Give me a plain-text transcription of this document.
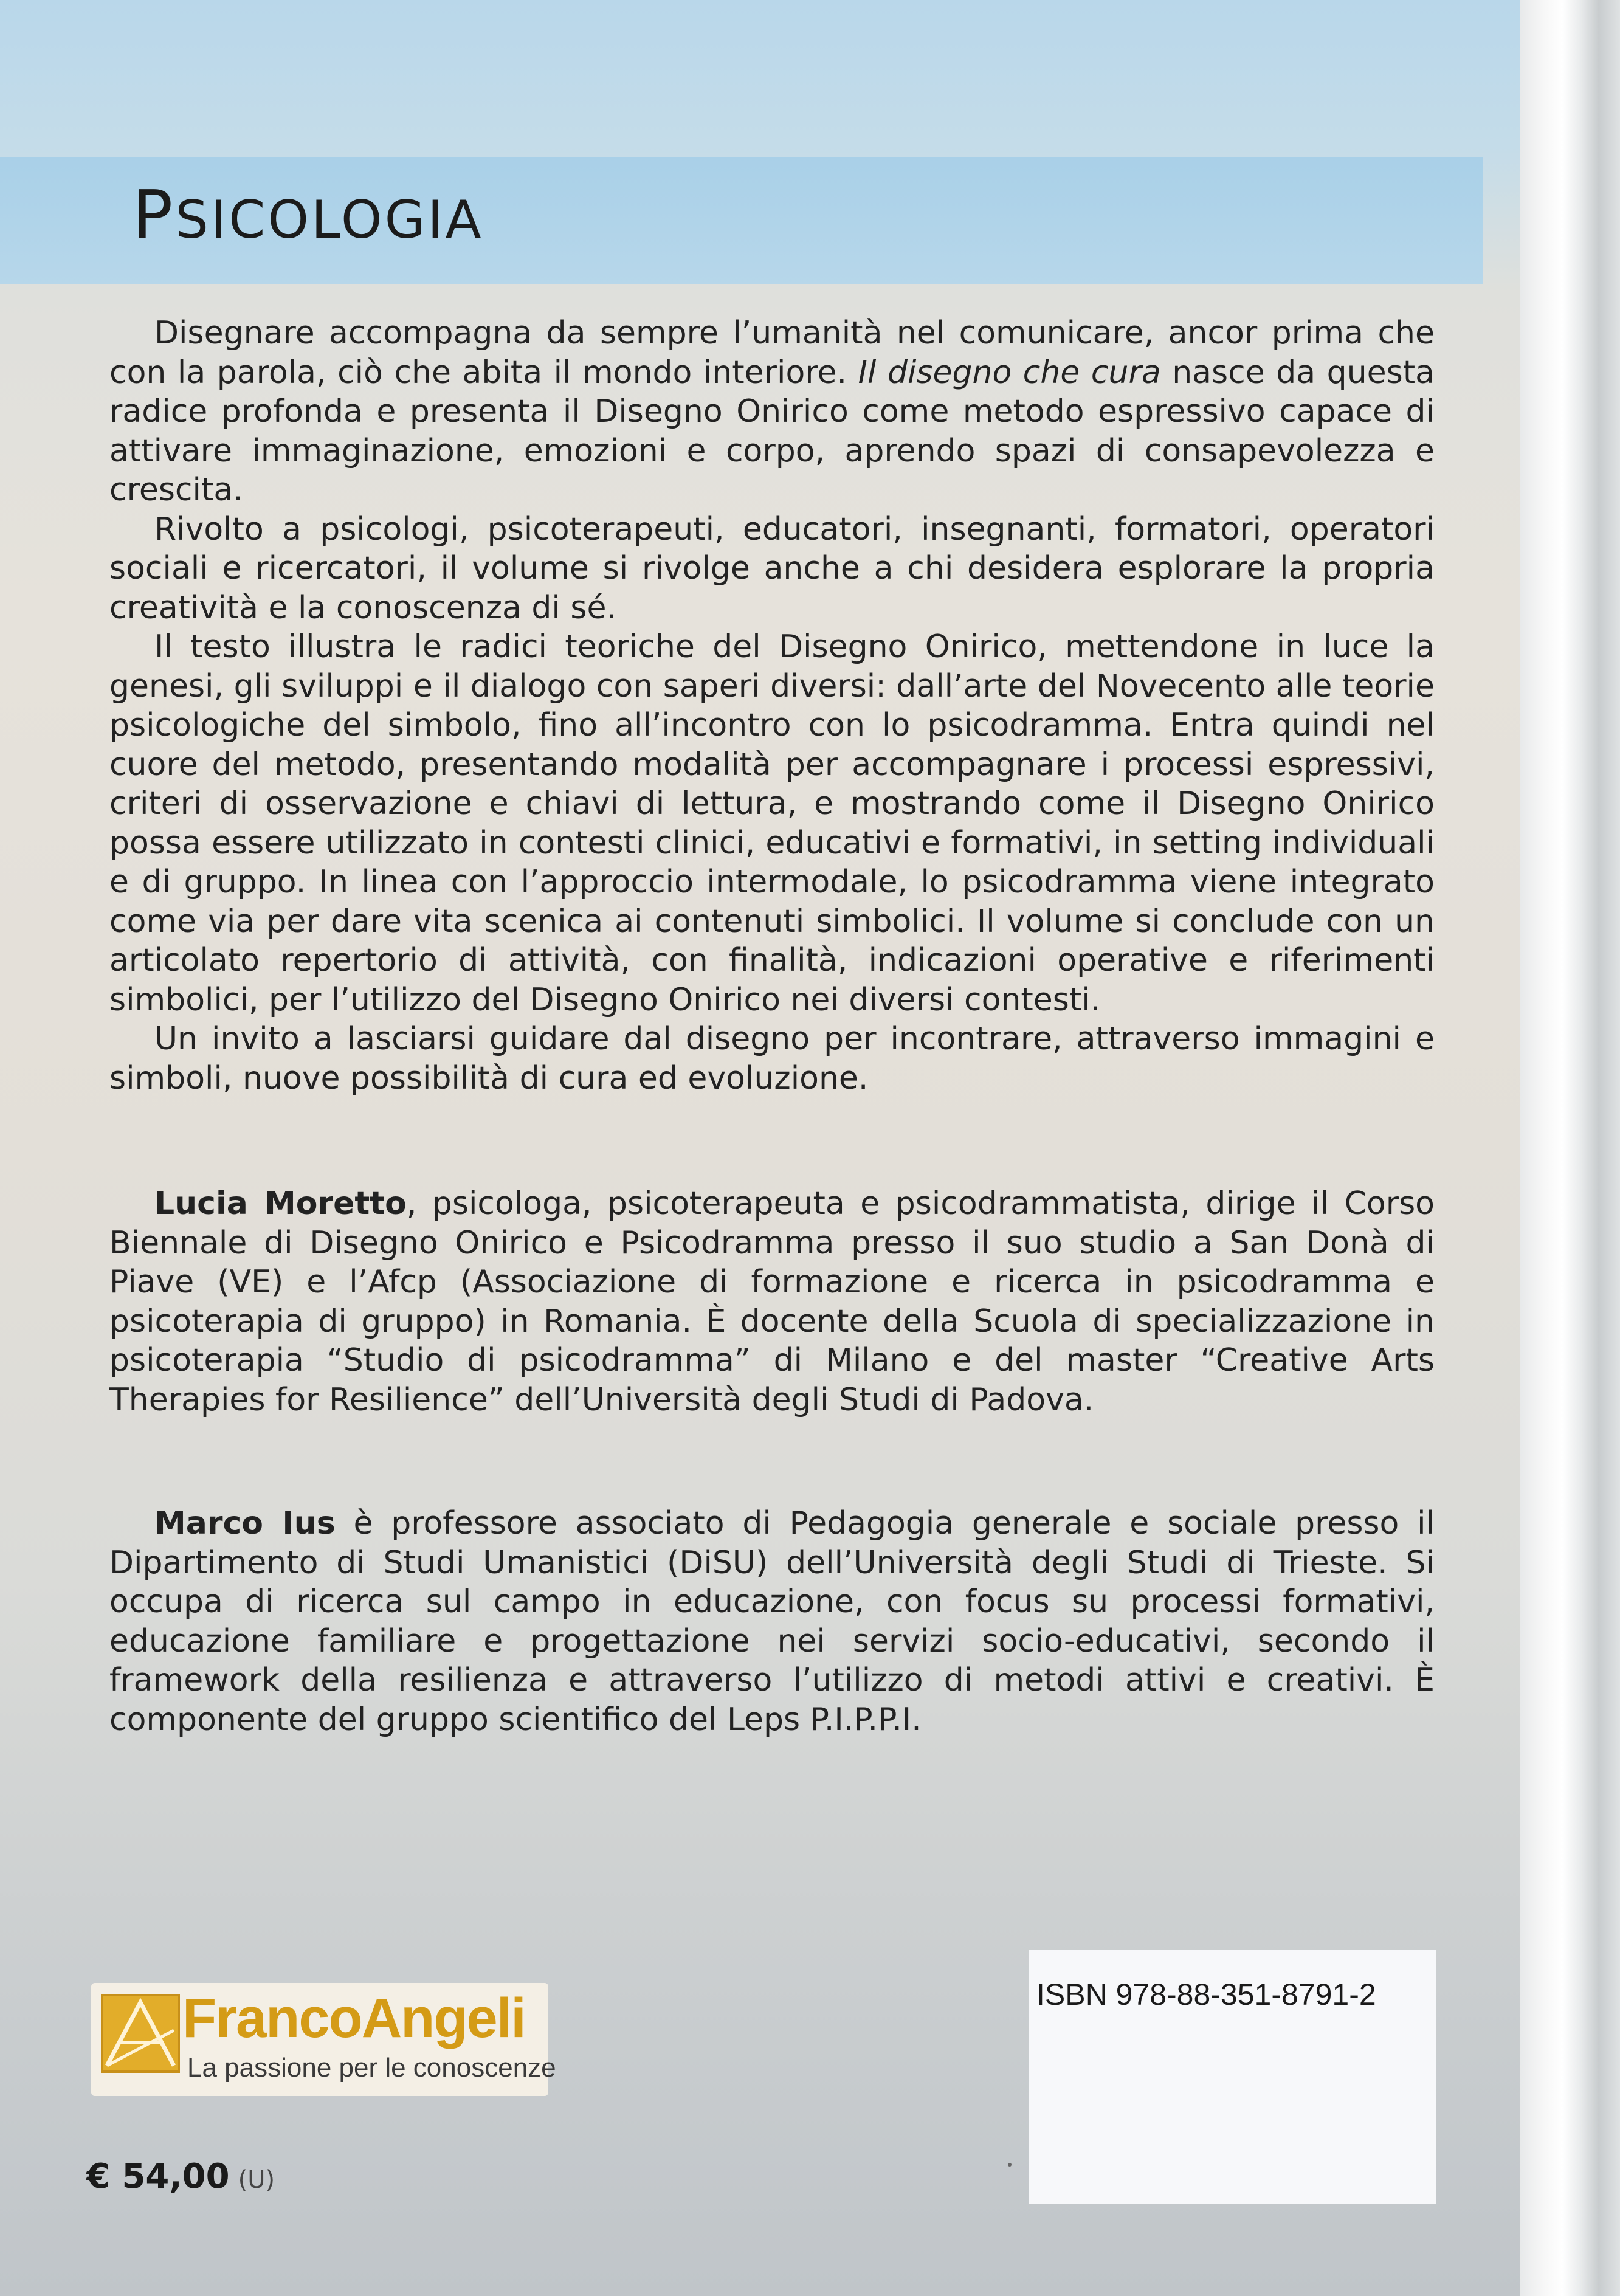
PSICOLOGIA

Disegnare accompagna da sempre l’umanità nel comunicare, ancor prima che con la parola, ciò che abita il mondo interiore. Il disegno che cura nasce da questa radice profonda e presenta il Disegno Onirico come metodo espressivo capace di attivare immaginazione, emozioni e corpo, aprendo spazi di consapevolezza e crescita.

Rivolto a psicologi, psicoterapeuti, educatori, insegnanti, formatori, operatori sociali e ricercatori, il volume si rivolge anche a chi desidera esplorare la propria creatività e la conoscenza di sé.

Il testo illustra le radici teoriche del Disegno Onirico, mettendone in luce la genesi, gli sviluppi e il dialogo con saperi diversi: dall’arte del Novecento alle teorie psicologiche del simbolo, fino all’incontro con lo psicodramma. Entra quindi nel cuore del metodo, presentando modalità per accompagnare i processi espressivi, criteri di osservazione e chiavi di lettura, e mostrando come il Disegno Onirico possa essere utilizzato in contesti clinici, educativi e formativi, in setting individuali e di gruppo. In linea con l’approccio intermodale, lo psicodramma viene integrato come via per dare vita scenica ai contenuti simbolici. Il volume si conclude con un articolato repertorio di attività, con finalità, indicazioni operative e riferimenti simbolici, per l’utilizzo del Disegno Onirico nei diversi contesti.

Un invito a lasciarsi guidare dal disegno per incontrare, attraverso immagini e simboli, nuove possibilità di cura ed evoluzione.

Lucia Moretto, psicologa, psicoterapeuta e psicodrammatista, dirige il Corso Biennale di Disegno Onirico e Psicodramma presso il suo studio a San Donà di Piave (VE) e l’Afcp (Associazione di formazione e ricerca in psicodramma e psicoterapia di gruppo) in Romania. È docente della Scuola di specializzazione in psicoterapia “Studio di psicodramma” di Milano e del master “Creative Arts Therapies for Resilience” dell’Università degli Studi di Padova.

Marco Ius è professore associato di Pedagogia generale e sociale presso il Dipartimento di Studi Umanistici (DiSU) dell’Università degli Studi di Trieste. Si occupa di ricerca sul campo in educazione, con focus su processi formativi, educazione familiare e progettazione nei servizi socio-educativi, secondo il framework della resilienza e attraverso l’utilizzo di metodi attivi e creativi. È componente del gruppo scientifico del Leps P.I.P.P.I.

FrancoAngeli
La passione per le conoscenze
€ 54,00 (U)
ISBN 978-88-351-8791-2
